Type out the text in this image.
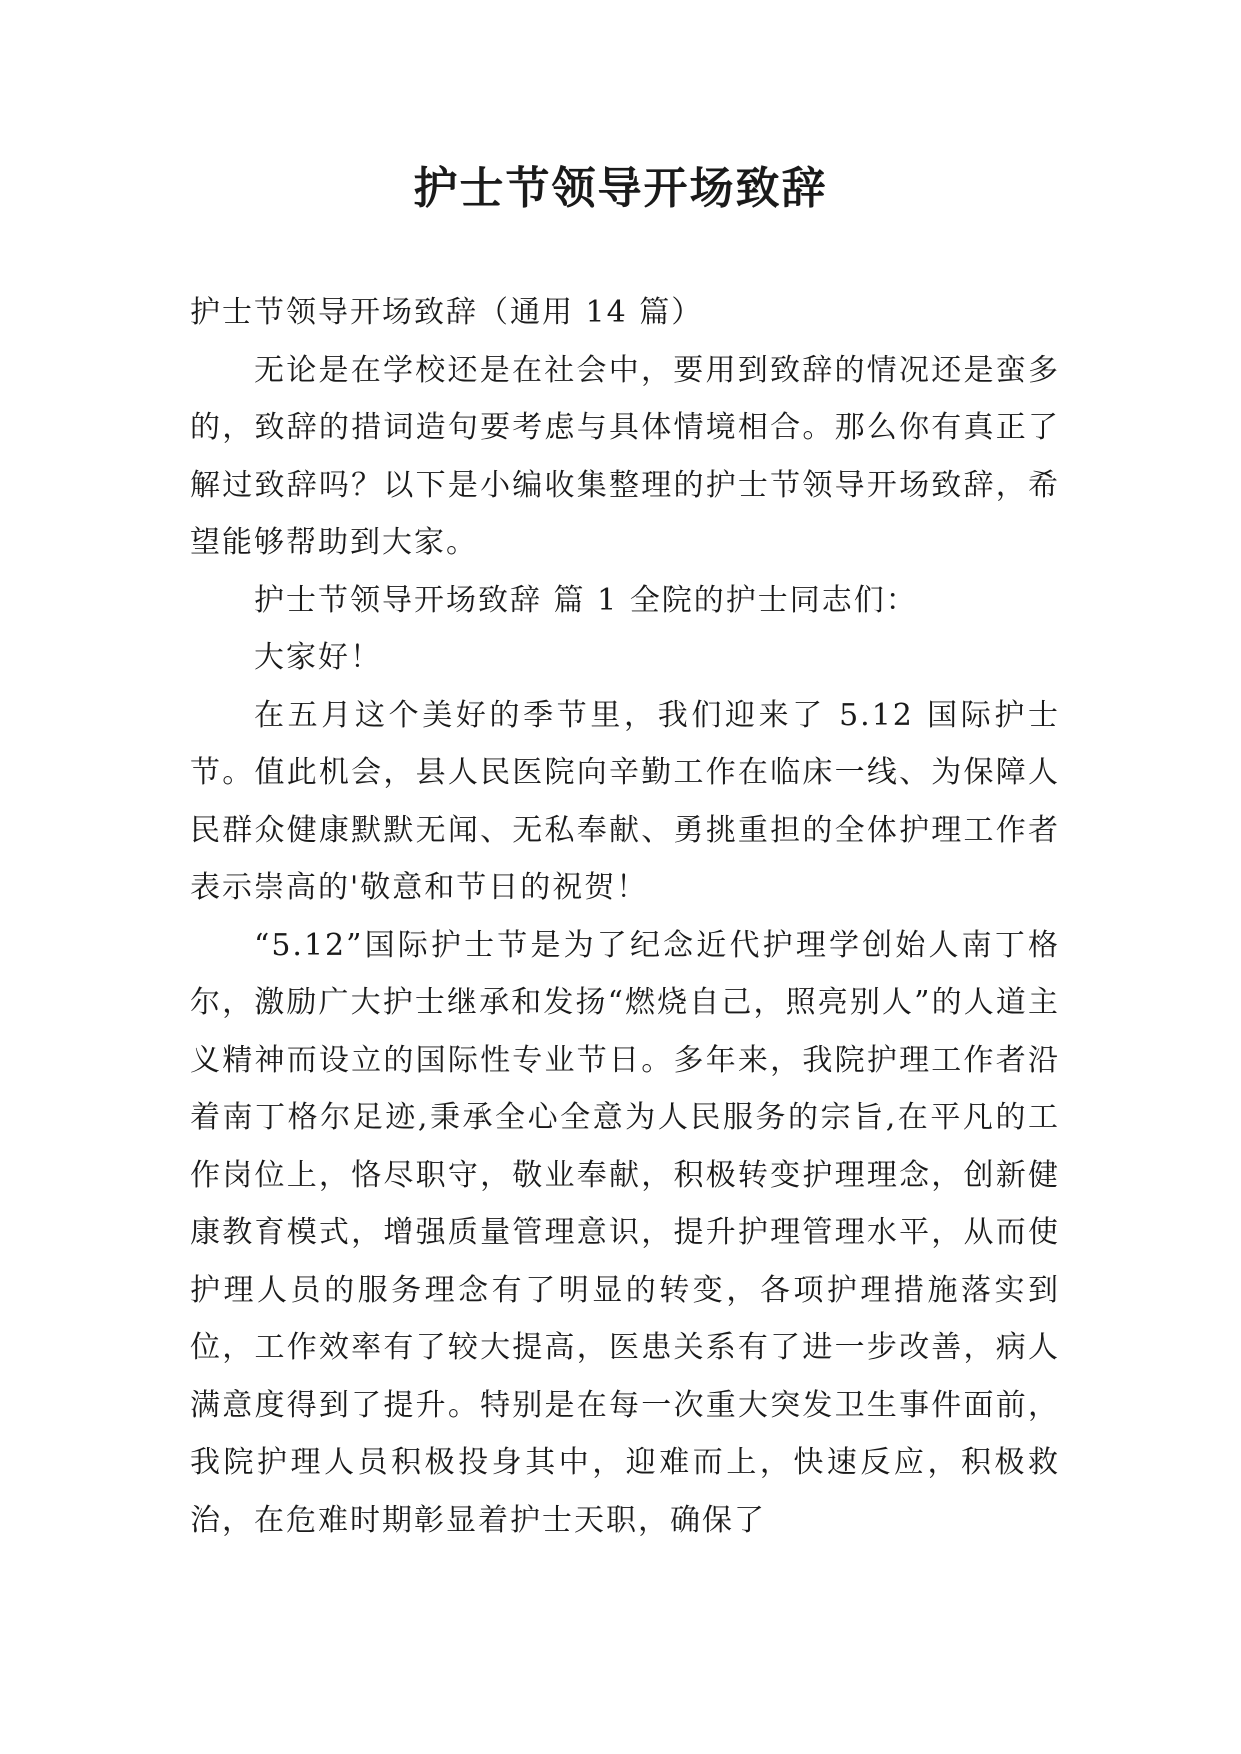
护士节领导开场致辞

护士节领导开场致辞（通用 14 篇）

无论是在学校还是在社会中，要用到致辞的情况还是蛮多的，致辞的措词造句要考虑与具体情境相合。那么你有真正了解过致辞吗？以下是小编收集整理的护士节领导开场致辞，希望能够帮助到大家。

护士节领导开场致辞 篇 1 全院的护士同志们：

大家好！

在五月这个美好的季节里，我们迎来了 5.12 国际护士节。值此机会，县人民医院向辛勤工作在临床一线、为保障人民群众健康默默无闻、无私奉献、勇挑重担的全体护理工作者表示崇高的'敬意和节日的祝贺！

“5.12”国际护士节是为了纪念近代护理学创始人南丁格尔，激励广大护士继承和发扬“燃烧自己，照亮别人”的人道主义精神而设立的国际性专业节日。多年来，我院护理工作者沿着南丁格尔足迹,秉承全心全意为人民服务的宗旨,在平凡的工作岗位上，恪尽职守，敬业奉献，积极转变护理理念，创新健康教育模式，增强质量管理意识，提升护理管理水平，从而使护理人员的服务理念有了明显的转变，各项护理措施落实到位，工作效率有了较大提高，医患关系有了进一步改善，病人满意度得到了提升。特别是在每一次重大突发卫生事件面前，我院护理人员积极投身其中，迎难而上，快速反应，积极救治，在危难时期彰显着护士天职，确保了
